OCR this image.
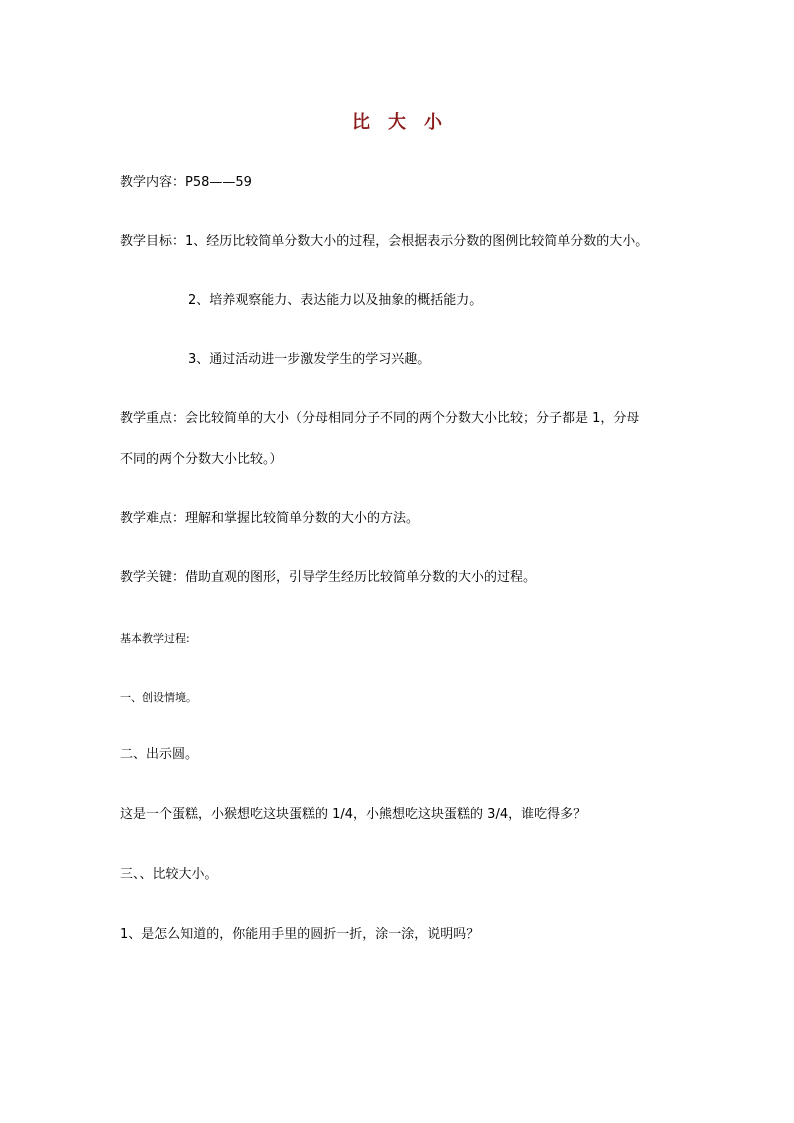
比　大　小
教学内容：P58——59
教学目标：1、经历比较简单分数大小的过程，会根据表示分数的图例比较简单分数的大小。
2、培养观察能力、表达能力以及抽象的概括能力。
3、通过活动进一步激发学生的学习兴趣。
教学重点：会比较简单的大小（分母相同分子不同的两个分数大小比较；分子都是 1，分母
不同的两个分数大小比较。）
教学难点：理解和掌握比较简单分数的大小的方法。
教学关键：借助直观的图形，引导学生经历比较简单分数的大小的过程。
基本教学过程:
一、创设情境。
二、出示圆。
这是一个蛋糕，小猴想吃这块蛋糕的 1/4，小熊想吃这块蛋糕的 3/4，谁吃得多？
三、、比较大小。
1、是怎么知道的，你能用手里的圆折一折，涂一涂，说明吗？
